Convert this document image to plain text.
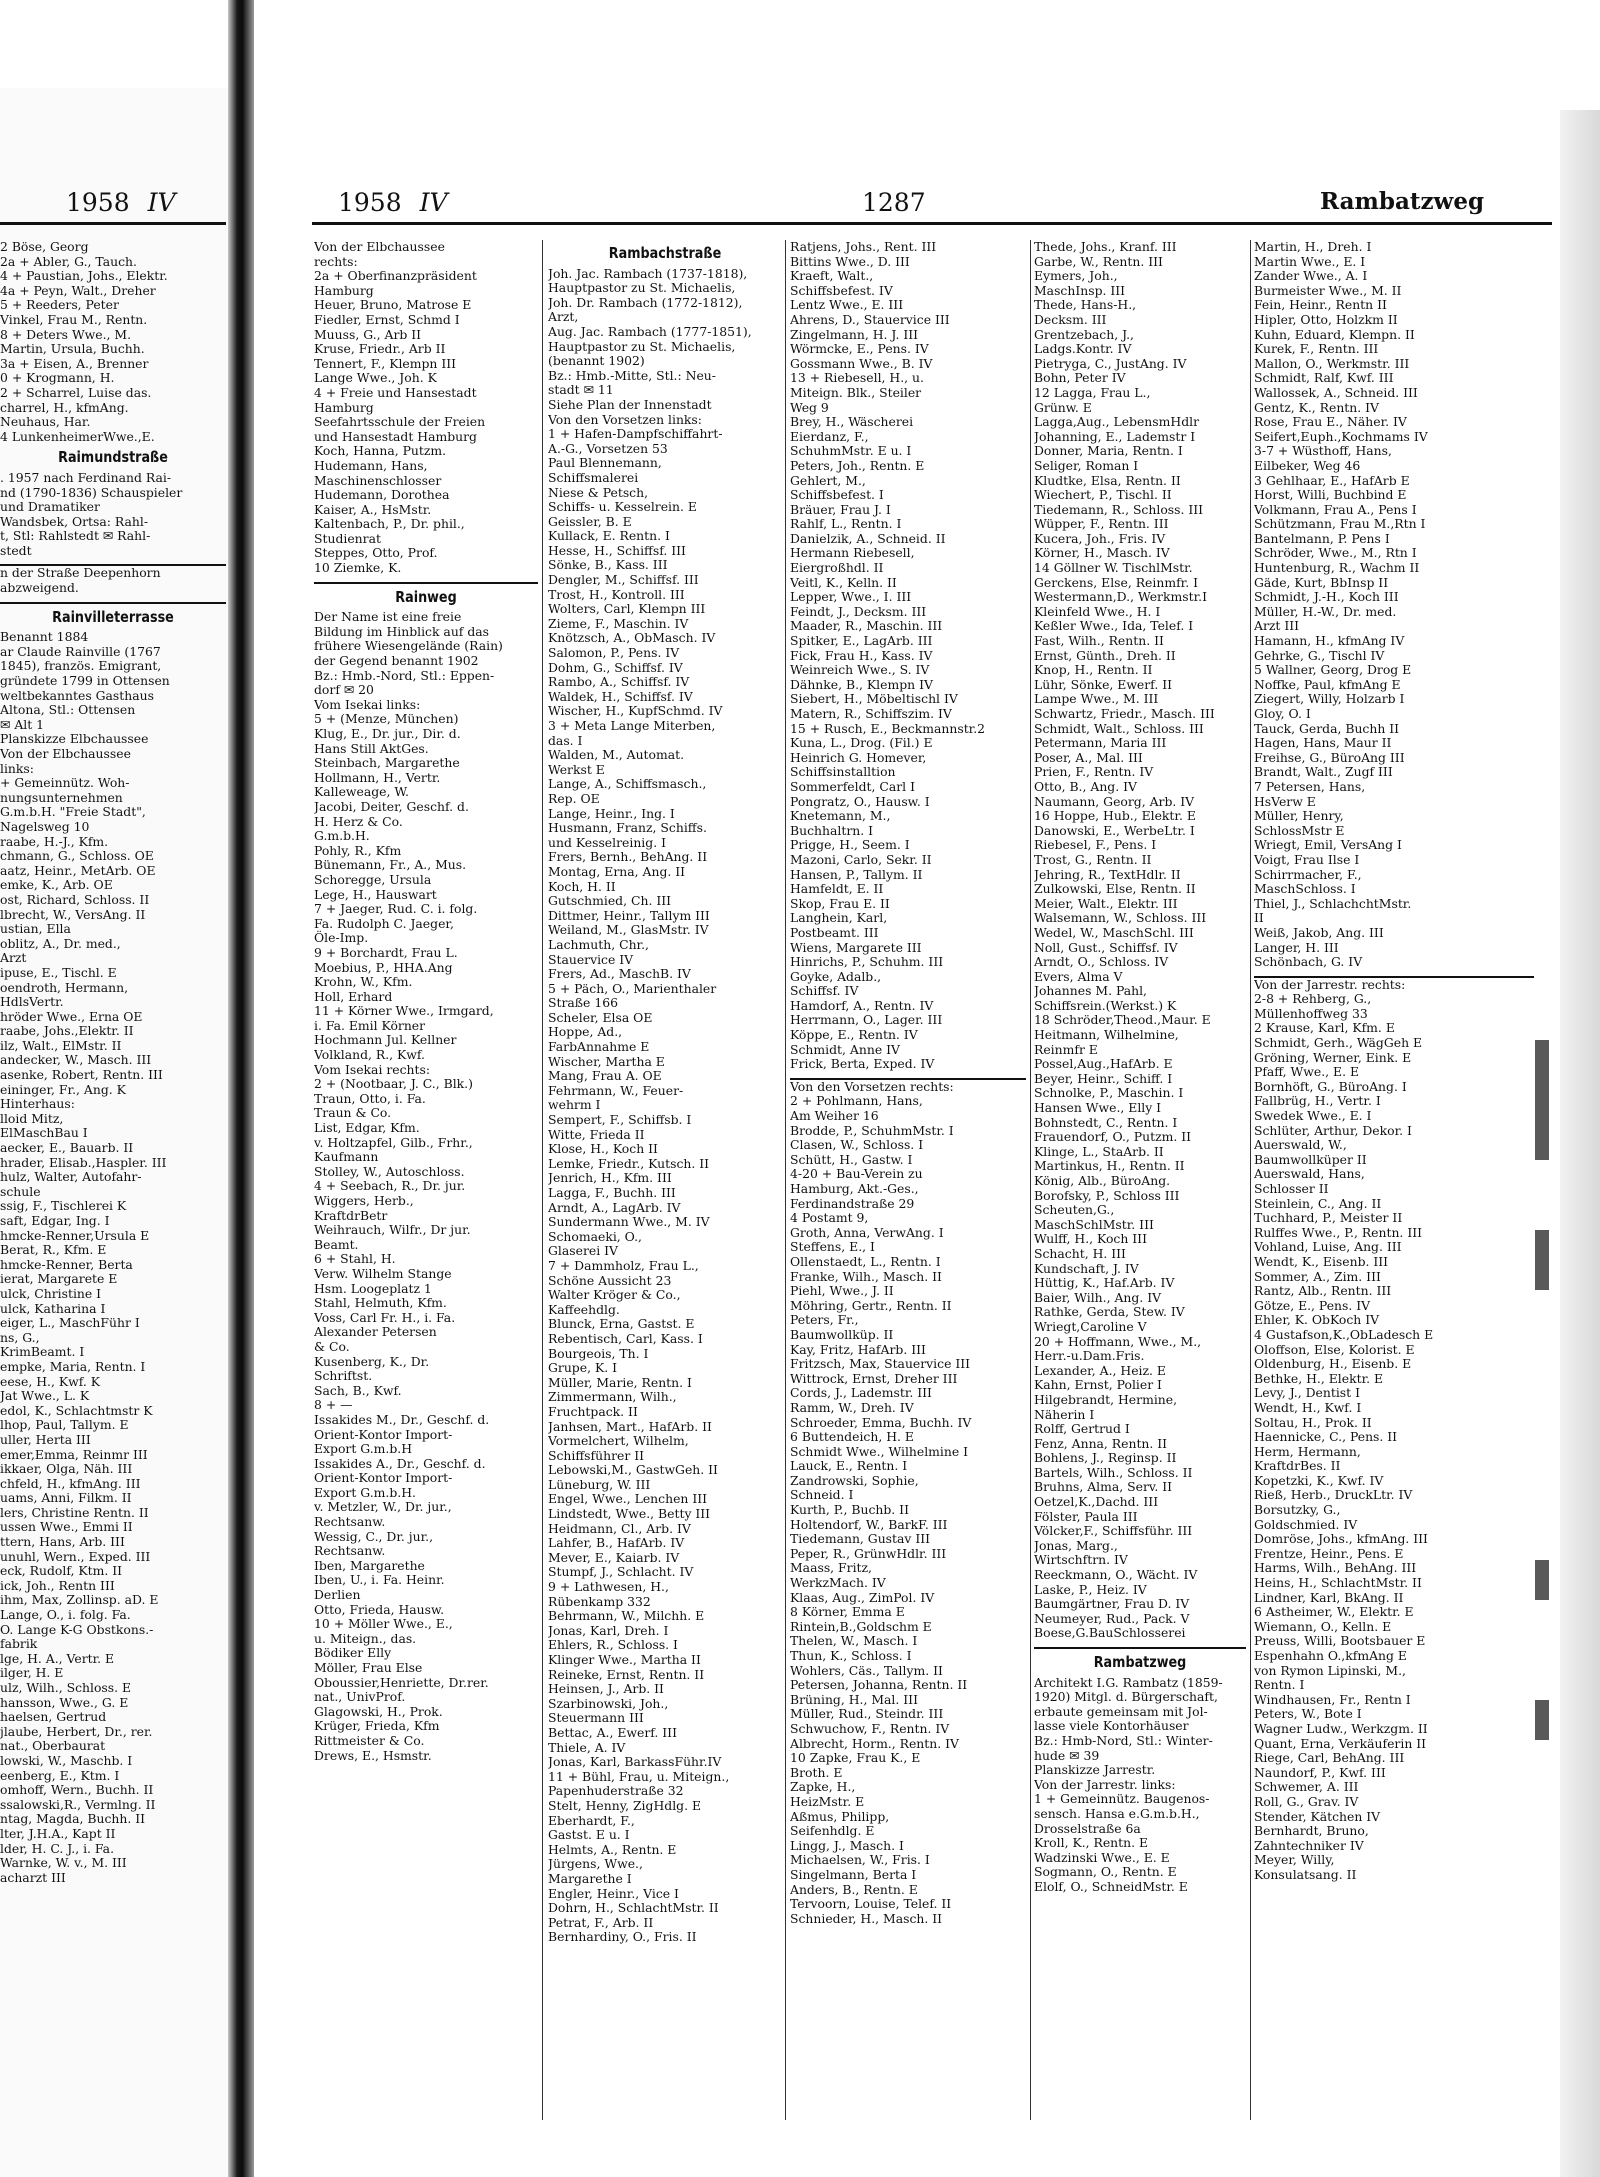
1958 IV
2 Böse, Georg
2a + Abler, G., Tauch.
4 + Paustian, Johs., Elektr.
4a + Peyn, Walt., Dreher
5 + Reeders, Peter
Vinkel, Frau M., Rentn.
8 + Deters Wwe., M.
Martin, Ursula, Buchh.
3a + Eisen, A., Brenner
0 + Krogmann, H.
2 + Scharrel, Luise das.
charrel, H., kfmAng.
Neuhaus, Har.
4 LunkenheimerWwe.,E.
Raimundstraße
. 1957 nach Ferdinand Rai-
nd (1790-1836) Schauspieler
und Dramatiker
Wandsbek, Ortsa: Rahl-
t, Stl: Rahlstedt ✉ Rahl-
stedt
n der Straße Deepenhorn
abzweigend.
Rainvilleterrasse
Benannt 1884
ar Claude Rainville (1767
1845), französ. Emigrant,
gründete 1799 in Ottensen
weltbekanntes Gasthaus
Altona, Stl.: Ottensen
✉ Alt 1
Planskizze Elbchaussee
Von der Elbchaussee
links:
+ Gemeinnütz. Woh-
nungsunternehmen
G.m.b.H. "Freie Stadt",
Nagelsweg 10
raabe, H.-J., Kfm.
chmann, G., Schloss. OE
aatz, Heinr., MetArb. OE
emke, K., Arb. OE
ost, Richard, Schloss. II
lbrecht, W., VersAng. II
ustian, Ella
oblitz, A., Dr. med.,
Arzt
ipuse, E., Tischl. E
oendroth, Hermann,
HdlsVertr.
hröder Wwe., Erna OE
raabe, Johs.,Elektr. II
ilz, Walt., ElMstr. II
andecker, W., Masch. III
asenke, Robert, Rentn. III
eininger, Fr., Ang. K
Hinterhaus:
lloid Mitz,
ElMaschBau I
aecker, E., Bauarb. II
hrader, Elisab.,Haspler. III
hulz, Walter, Autofahr-
schule
ssig, F., Tischlerei K
saft, Edgar, Ing. I
hmcke-Renner,Ursula E
Berat, R., Kfm. E
hmcke-Renner, Berta
ierat, Margarete E
ulck, Christine I
ulck, Katharina I
eiger, L., MaschFühr I
ns, G.,
KrimBeamt. I
empke, Maria, Rentn. I
eese, H., Kwf. K
Jat Wwe., L. K
edol, K., Schlachtmstr K
lhop, Paul, Tallym. E
uller, Herta III
emer,Emma, Reinmr III
ikkaer, Olga, Näh. III
chfeld, H., kfmAng. III
uams, Anni, Filkm. II
lers, Christine Rentn. II
ussen Wwe., Emmi II
ttern, Hans, Arb. III
unuhl, Wern., Exped. III
eck, Rudolf, Ktm. II
ick, Joh., Rentn III
ihm, Max, Zollinsp. aD. E
Lange, O., i. folg. Fa.
O. Lange K-G Obstkons.-
fabrik
lge, H. A., Vertr. E
ilger, H. E
ulz, Wilh., Schloss. E
hansson, Wwe., G. E
haelsen, Gertrud
jlaube, Herbert, Dr., rer.
nat., Oberbaurat
lowski, W., Maschb. I
eenberg, E., Ktm. I
omhoff, Wern., Buchh. II
ssalowski,R., Vermlng. II
ntag, Magda, Buchh. II
lter, J.H.A., Kapt II
lder, H. C. J., i. Fa.
Warnke, W. v., M. III
acharzt III
1958 IV	1287	Rambatzweg
Von der Elbchaussee
rechts:
2a + Oberfinanzpräsident
Hamburg
Heuer, Bruno, Matrose E
Fiedler, Ernst, Schmd I
Muuss, G., Arb II
Kruse, Friedr., Arb II
Tennert, F., Klempn III
Lange Wwe., Joh. K
4 + Freie und Hansestadt
Hamburg
Seefahrtsschule der Freien
und Hansestadt Hamburg
Koch, Hanna, Putzm.
Hudemann, Hans,
Maschinenschlosser
Hudemann, Dorothea
Kaiser, A., HsMstr.
Kaltenbach, P., Dr. phil.,
Studienrat
Steppes, Otto, Prof.
10 Ziemke, K.
Rainweg
Der Name ist eine freie
Bildung im Hinblick auf das
frühere Wiesengelände (Rain)
der Gegend benannt 1902
Bz.: Hmb.-Nord, Stl.: Eppen-
dorf ✉ 20
Vom Isekai links:
5 + (Menze, München)
Klug, E., Dr. jur., Dir. d.
Hans Still AktGes.
Steinbach, Margarethe
Hollmann, H., Vertr.
Kalleweage, W.
Jacobi, Deiter, Geschf. d.
H. Herz & Co.
G.m.b.H.
Pohly, R., Kfm
Bünemann, Fr., A., Mus.
Schoregge, Ursula
Lege, H., Hauswart
7 + Jaeger, Rud. C. i. folg.
Fa. Rudolph C. Jaeger,
Öle-Imp.
9 + Borchardt, Frau L.
Moebius, P., HHA.Ang
Krohn, W., Kfm.
Holl, Erhard
11 + Körner Wwe., Irmgard,
i. Fa. Emil Körner
Hochmann Jul. Kellner
Volkland, R., Kwf.
Vom Isekai rechts:
2 + (Nootbaar, J. C., Blk.)
Traun, Otto, i. Fa.
Traun & Co.
List, Edgar, Kfm.
v. Holtzapfel, Gilb., Frhr.,
Kaufmann
Stolley, W., Autoschloss.
4 + Seebach, R., Dr. jur.
Wiggers, Herb.,
KraftdrBetr
Weihrauch, Wilfr., Dr jur.
Beamt.
6 + Stahl, H.
Verw. Wilhelm Stange
Hsm. Loogeplatz 1
Stahl, Helmuth, Kfm.
Voss, Carl Fr. H., i. Fa.
Alexander Petersen
& Co.
Kusenberg, K., Dr.
Schriftst.
Sach, B., Kwf.
8 + —
Issakides M., Dr., Geschf. d.
Orient-Kontor Import-
Export G.m.b.H
Issakides A., Dr., Geschf. d.
Orient-Kontor Import-
Export G.m.b.H.
v. Metzler, W., Dr. jur.,
Rechtsanw.
Wessig, C., Dr. jur.,
Rechtsanw.
Iben, Margarethe
Iben, U., i. Fa. Heinr.
Derlien
Otto, Frieda, Hausw.
10 + Möller Wwe., E.,
u. Miteign., das.
Bödiker Elly
Möller, Frau Else
Oboussier,Henriette, Dr.rer.
nat., UnivProf.
Glagowski, H., Prok.
Krüger, Frieda, Kfm
Rittmeister & Co.
Drews, E., Hsmstr.
Rambachstraße
Joh. Jac. Rambach (1737-1818),
Hauptpastor zu St. Michaelis,
Joh. Dr. Rambach (1772-1812),
Arzt,
Aug. Jac. Rambach (1777-1851),
Hauptpastor zu St. Michaelis,
(benannt 1902)
Bz.: Hmb.-Mitte, Stl.: Neu-
stadt ✉ 11
Siehe Plan der Innenstadt
Von den Vorsetzen links:
1 + Hafen-Dampfschiffahrt-
A.-G., Vorsetzen 53
Paul Blennemann,
Schiffsmalerei
Niese & Petsch,
Schiffs- u. Kesselrein. E
Geissler, B. E
Kullack, E. Rentn. I
Hesse, H., Schiffsf. III
Sönke, B., Kass. III
Dengler, M., Schiffsf. III
Trost, H., Kontroll. III
Wolters, Carl, Klempn III
Zieme, F., Maschin. IV
Knötzsch, A., ObMasch. IV
Salomon, P., Pens. IV
Dohm, G., Schiffsf. IV
Rambo, A., Schiffsf. IV
Waldek, H., Schiffsf. IV
Wischer, H., KupfSchmd. IV
3 + Meta Lange Miterben,
das. I
Walden, M., Automat.
Werkst E
Lange, A., Schiffsmasch.,
Rep. OE
Lange, Heinr., Ing. I
Husmann, Franz, Schiffs.
und Kesselreinig. I
Frers, Bernh., BehAng. II
Montag, Erna, Ang. II
Koch, H. II
Gutschmied, Ch. III
Dittmer, Heinr., Tallym III
Weiland, M., GlasMstr. IV
Lachmuth, Chr.,
Stauervice IV
Frers, Ad., MaschB. IV
5 + Päch, O., Marienthaler
Straße 166
Scheler, Elsa OE
Hoppe, Ad.,
FarbAnnahme E
Wischer, Martha E
Mang, Frau A. OE
Fehrmann, W., Feuer-
wehrm I
Sempert, F., Schiffsb. I
Witte, Frieda II
Klose, H., Koch II
Lemke, Friedr., Kutsch. II
Jenrich, H., Kfm. III
Lagga, F., Buchh. III
Arndt, A., LagArb. IV
Sundermann Wwe., M. IV
Schomaeki, O.,
Glaserei IV
7 + Dammholz, Frau L.,
Schöne Aussicht 23
Walter Kröger & Co.,
Kaffeehdlg.
Blunck, Erna, Gastst. E
Rebentisch, Carl, Kass. I
Bourgeois, Th. I
Grupe, K. I
Müller, Marie, Rentn. I
Zimmermann, Wilh.,
Fruchtpack. II
Janhsen, Mart., HafArb. II
Vormelchert, Wilhelm,
Schiffsführer II
Lebowski,M., GastwGeh. II
Lüneburg, W. III
Engel, Wwe., Lenchen III
Lindstedt, Wwe., Betty III
Heidmann, Cl., Arb. IV
Lahfer, B., HafArb. IV
Mever, E., Kaiarb. IV
Stumpf, J., Schlacht. IV
9 + Lathwesen, H.,
Rübenkamp 332
Behrmann, W., Milchh. E
Jonas, Karl, Dreh. I
Ehlers, R., Schloss. I
Klinger Wwe., Martha II
Reineke, Ernst, Rentn. II
Heinsen, J., Arb. II
Szarbinowski, Joh.,
Steuermann III
Bettac, A., Ewerf. III
Thiele, A. IV
Jonas, Karl, BarkassFühr.IV
11 + Bühl, Frau, u. Miteign.,
Papenhuderstraße 32
Stelt, Henny, ZigHdlg. E
Eberhardt, F.,
Gastst. E u. I
Helmts, A., Rentn. E
Jürgens, Wwe.,
Margarethe I
Engler, Heinr., Vice I
Dohrn, H., SchlachtMstr. II
Petrat, F., Arb. II
Bernhardiny, O., Fris. II
Ratjens, Johs., Rent. III
Bittins Wwe., D. III
Kraeft, Walt.,
Schiffsbefest. IV
Lentz Wwe., E. III
Ahrens, D., Stauervice III
Zingelmann, H. J. III
Wörmcke, E., Pens. IV
Gossmann Wwe., B. IV
13 + Riebesell, H., u.
Miteign. Blk., Steiler
Weg 9
Brey, H., Wäscherei
Eierdanz, F.,
SchuhmMstr. E u. I
Peters, Joh., Rentn. E
Gehlert, M.,
Schiffsbefest. I
Bräuer, Frau J. I
Rahlf, L., Rentn. I
Danielzik, A., Schneid. II
Hermann Riebesell,
Eiergroßhdl. II
Veitl, K., Kelln. II
Lepper, Wwe., I. III
Feindt, J., Decksm. III
Maader, R., Maschin. III
Spitker, E., LagArb. III
Fick, Frau H., Kass. IV
Weinreich Wwe., S. IV
Dähnke, B., Klempn IV
Siebert, H., Möbeltischl IV
Matern, R., Schiffszim. IV
15 + Rusch, E., Beckmannstr.2
Kuna, L., Drog. (Fil.) E
Heinrich G. Homever,
Schiffsinstalltion
Sommerfeldt, Carl I
Pongratz, O., Hausw. I
Knetemann, M.,
Buchhaltrn. I
Prigge, H., Seem. I
Mazoni, Carlo, Sekr. II
Hansen, P., Tallym. II
Hamfeldt, E. II
Skop, Frau E. II
Langhein, Karl,
Postbeamt. III
Wiens, Margarete III
Hinrichs, P., Schuhm. III
Goyke, Adalb.,
Schiffsf. IV
Hamdorf, A., Rentn. IV
Herrmann, O., Lager. III
Köppe, E., Rentn. IV
Schmidt, Anne IV
Frick, Berta, Exped. IV
Von den Vorsetzen rechts:
2 + Pohlmann, Hans,
Am Weiher 16
Brodde, P., SchuhmMstr. I
Clasen, W., Schloss. I
Schütt, H., Gastw. I
4-20 + Bau-Verein zu
Hamburg, Akt.-Ges.,
Ferdinandstraße 29
4 Postamt 9,
Groth, Anna, VerwAng. I
Steffens, E., I
Ollenstaedt, L., Rentn. I
Franke, Wilh., Masch. II
Piehl, Wwe., J. II
Möhring, Gertr., Rentn. II
Peters, Fr.,
Baumwollküp. II
Kay, Fritz, HafArb. III
Fritzsch, Max, Stauervice III
Wittrock, Ernst, Dreher III
Cords, J., Lademstr. III
Ramm, W., Dreh. IV
Schroeder, Emma, Buchh. IV
6 Buttendeich, H. E
Schmidt Wwe., Wilhelmine I
Lauck, E., Rentn. I
Zandrowski, Sophie,
Schneid. I
Kurth, P., Buchb. II
Holtendorf, W., BarkF. III
Tiedemann, Gustav III
Peper, R., GrünwHdlr. III
Maass, Fritz,
WerkzMach. IV
Klaas, Aug., ZimPol. IV
8 Körner, Emma E
Rintein,B.,Goldschm E
Thelen, W., Masch. I
Thun, K., Schloss. I
Wohlers, Cäs., Tallym. II
Petersen, Johanna, Rentn. II
Brüning, H., Mal. III
Müller, Rud., Steindr. III
Schwuchow, F., Rentn. IV
Albrecht, Horm., Rentn. IV
10 Zapke, Frau K., E
Broth. E
Zapke, H.,
HeizMstr. E
Aßmus, Philipp,
Seifenhdlg. E
Lingg, J., Masch. I
Michaelsen, W., Fris. I
Singelmann, Berta I
Anders, B., Rentn. E
Tervoorn, Louise, Telef. II
Schnieder, H., Masch. II
Thede, Johs., Kranf. III
Garbe, W., Rentn. III
Eymers, Joh.,
MaschInsp. III
Thede, Hans-H.,
Decksm. III
Grentzebach, J.,
Ladgs.Kontr. IV
Pietryga, C., JustAng. IV
Bohn, Peter IV
12 Lagga, Frau L.,
Grünw. E
Lagga,Aug., LebensmHdlr
Johanning, E., Lademstr I
Donner, Maria, Rentn. I
Seliger, Roman I
Kludtke, Elsa, Rentn. II
Wiechert, P., Tischl. II
Tiedemann, R., Schloss. III
Wüpper, F., Rentn. III
Kucera, Joh., Fris. IV
Körner, H., Masch. IV
14 Göllner W. TischlMstr.
Gerckens, Else, Reinmfr. I
Westermann,D., Werkmstr.I
Kleinfeld Wwe., H. I
Keßler Wwe., Ida, Telef. I
Fast, Wilh., Rentn. II
Ernst, Günth., Dreh. II
Knop, H., Rentn. II
Lühr, Sönke, Ewerf. II
Lampe Wwe., M. III
Schwartz, Friedr., Masch. III
Schmidt, Walt., Schloss. III
Petermann, Maria III
Poser, A., Mal. III
Prien, F., Rentn. IV
Otto, B., Ang. IV
Naumann, Georg, Arb. IV
16 Hoppe, Hub., Elektr. E
Danowski, E., WerbeLtr. I
Riebesel, F., Pens. I
Trost, G., Rentn. II
Jehring, R., TextHdlr. II
Zulkowski, Else, Rentn. II
Meier, Walt., Elektr. III
Walsemann, W., Schloss. III
Wedel, W., MaschSchl. III
Noll, Gust., Schiffsf. IV
Arndt, O., Schloss. IV
Evers, Alma V
Johannes M. Pahl,
Schiffsrein.(Werkst.) K
18 Schröder,Theod.,Maur. E
Heitmann, Wilhelmine,
Reinmfr E
Possel,Aug.,HafArb. E
Beyer, Heinr., Schiff. I
Schnolke, P., Maschin. I
Hansen Wwe., Elly I
Bohnstedt, C., Rentn. I
Frauendorf, O., Putzm. II
Klinge, L., StaArb. II
Martinkus, H., Rentn. II
König, Alb., BüroAng.
Borofsky, P., Schloss III
Scheuten,G.,
MaschSchlMstr. III
Wulff, H., Koch III
Schacht, H. III
Kundschaft, J. IV
Hüttig, K., Haf.Arb. IV
Baier, Wilh., Ang. IV
Rathke, Gerda, Stew. IV
Wriegt,Caroline V
20 + Hoffmann, Wwe., M.,
Herr.-u.Dam.Fris.
Lexander, A., Heiz. E
Kahn, Ernst, Polier I
Hilgebrandt, Hermine,
Näherin I
Rolff, Gertrud I
Fenz, Anna, Rentn. II
Bohlens, J., Reginsp. II
Bartels, Wilh., Schloss. II
Bruhns, Alma, Serv. II
Oetzel,K.,Dachd. III
Fölster, Paula III
Völcker,F., Schiffsführ. III
Jonas, Marg.,
Wirtschftrn. IV
Reeckmann, O., Wächt. IV
Laske, P., Heiz. IV
Baumgärtner, Frau D. IV
Neumeyer, Rud., Pack. V
Boese,G.BauSchlosserei
Rambatzweg
Architekt I.G. Rambatz (1859-
1920) Mitgl. d. Bürgerschaft,
erbaute gemeinsam mit Jol-
lasse viele Kontorhäuser
Bz.: Hmb-Nord, Stl.: Winter-
hude ✉ 39
Planskizze Jarrestr.
Von der Jarrestr. links:
1 + Gemeinnütz. Baugenos-
sensch. Hansa e.G.m.b.H.,
Drosselstraße 6a
Kroll, K., Rentn. E
Wadzinski Wwe., E. E
Sogmann, O., Rentn. E
Elolf, O., SchneidMstr. E
Martin, H., Dreh. I
Martin Wwe., E. I
Zander Wwe., A. I
Burmeister Wwe., M. II
Fein, Heinr., Rentn II
Hipler, Otto, Holzkm II
Kuhn, Eduard, Klempn. II
Kurek, F., Rentn. III
Mallon, O., Werkmstr. III
Schmidt, Ralf, Kwf. III
Wallossek, A., Schneid. III
Gentz, K., Rentn. IV
Rose, Frau E., Näher. IV
Seifert,Euph.,Kochmams IV
3-7 + Wüsthoff, Hans,
Eilbeker, Weg 46
3 Gehlhaar, E., HafArb E
Horst, Willi, Buchbind E
Volkmann, Frau A., Pens I
Schützmann, Frau M.,Rtn I
Bantelmann, P. Pens I
Schröder, Wwe., M., Rtn I
Huntenburg, R., Wachm II
Gäde, Kurt, BbInsp II
Schmidt, J.-H., Koch III
Müller, H.-W., Dr. med.
Arzt III
Hamann, H., kfmAng IV
Gehrke, G., Tischl IV
5 Wallner, Georg, Drog E
Noffke, Paul, kfmAng E
Ziegert, Willy, Holzarb I
Gloy, O. I
Tauck, Gerda, Buchh II
Hagen, Hans, Maur II
Freihse, G., BüroAng III
Brandt, Walt., Zugf III
7 Petersen, Hans,
HsVerw E
Müller, Henry,
SchlossMstr E
Wriegt, Emil, VersAng I
Voigt, Frau Ilse I
Schirrmacher, F.,
MaschSchloss. I
Thiel, J., SchlachchtMstr.
II
Weiß, Jakob, Ang. III
Langer, H. III
Schönbach, G. IV
Von der Jarrestr. rechts:
2-8 + Rehberg, G.,
Müllenhoffweg 33
2 Krause, Karl, Kfm. E
Schmidt, Gerh., WägGeh E
Gröning, Werner, Eink. E
Pfaff, Wwe., E. E
Bornhöft, G., BüroAng. I
Fallbrüg, H., Vertr. I
Swedek Wwe., E. I
Schlüter, Arthur, Dekor. I
Auerswald, W.,
Baumwollküper II
Auerswald, Hans,
Schlosser II
Steinlein, C., Ang. II
Tuchhard, P., Meister II
Rulffes Wwe., P., Rentn. III
Vohland, Luise, Ang. III
Wendt, K., Eisenb. III
Sommer, A., Zim. III
Rantz, Alb., Rentn. III
Götze, E., Pens. IV
Ehler, K. ObKoch IV
4 Gustafson,K.,ObLadesch E
Oloffson, Else, Kolorist. E
Oldenburg, H., Eisenb. E
Bethke, H., Elektr. E
Levy, J., Dentist I
Wendt, H., Kwf. I
Soltau, H., Prok. II
Haennicke, C., Pens. II
Herm, Hermann,
KraftdrBes. II
Kopetzki, K., Kwf. IV
Rieß, Herb., DruckLtr. IV
Borsutzky, G.,
Goldschmied. IV
Domröse, Johs., kfmAng. III
Frentze, Heinr., Pens. E
Harms, Wilh., BehAng. III
Heins, H., SchlachtMstr. II
Lindner, Karl, BkAng. II
6 Astheimer, W., Elektr. E
Wiemann, O., Kelln. E
Preuss, Willi, Bootsbauer E
Espenhahn O.,kfmAng E
von Rymon Lipinski, M.,
Rentn. I
Windhausen, Fr., Rentn I
Peters, W., Bote I
Wagner Ludw., Werkzgm. II
Quant, Erna, Verkäuferin II
Riege, Carl, BehAng. III
Naundorf, P., Kwf. III
Schwemer, A. III
Roll, G., Grav. IV
Stender, Kätchen IV
Bernhardt, Bruno,
Zahntechniker IV
Meyer, Willy,
Konsulatsang. II
